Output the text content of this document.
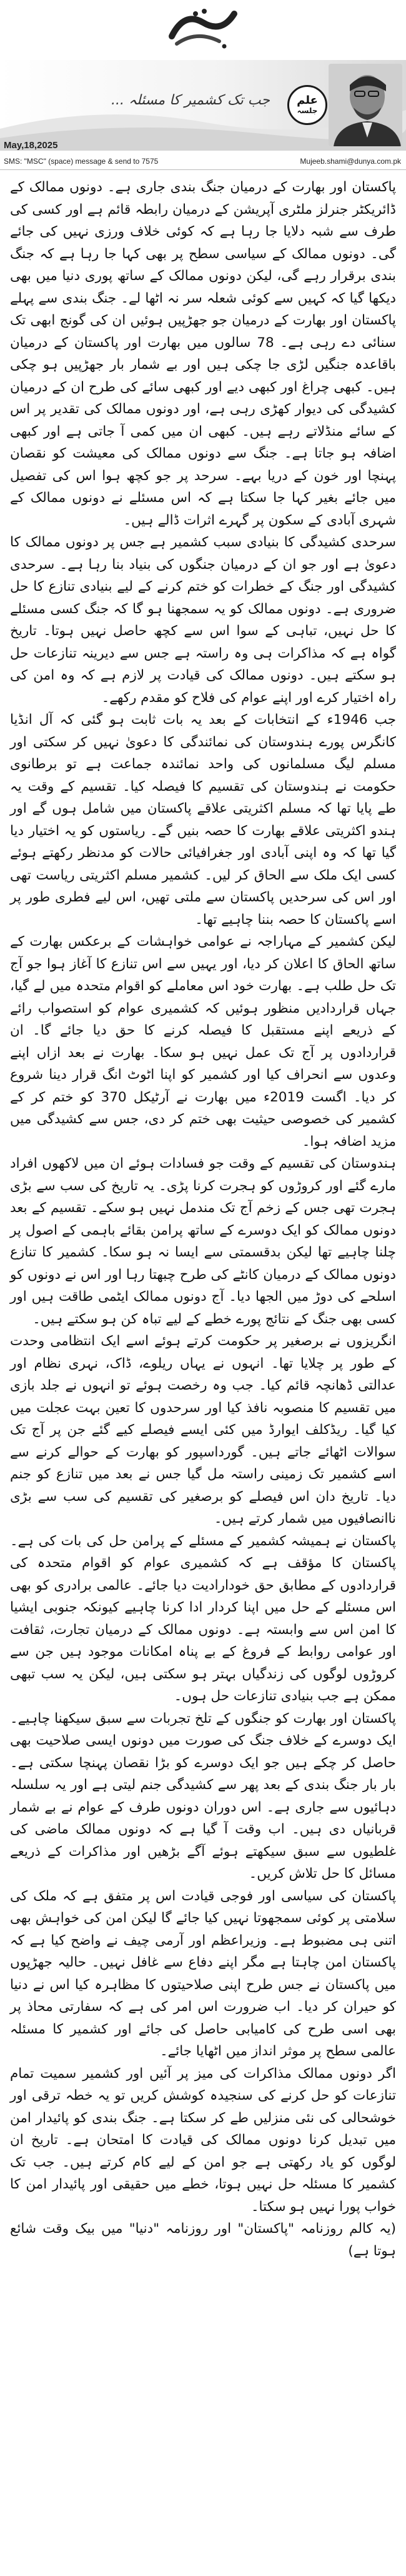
جب تک کشمیر کا مسئلہ ...	علم
جلسہ
May,18,2025
SMS: "MSC" (space) message & send to 7575	Mujeeb.shami@dunya.com.pk

پاکستان اور بھارت کے درمیان جنگ بندی جاری ہے۔ دونوں ممالک کے ڈائریکٹر جنرلز ملٹری آپریشن کے درمیان رابطہ قائم ہے اور کسی کی طرف سے شبہ دلایا جا رہا ہے کہ کوئی خلاف ورزی نہیں کی جائے گی۔ دونوں ممالک کے سیاسی سطح پر بھی کہا جا رہا ہے کہ جنگ بندی برقرار رہے گی، لیکن دونوں ممالک کے ساتھ پوری دنیا میں بھی دیکھا گیا کہ کہیں سے کوئی شعلہ سر نہ اٹھا لے۔ جنگ بندی سے پہلے پاکستان اور بھارت کے درمیان جو جھڑپیں ہوئیں ان کی گونج ابھی تک سنائی دے رہی ہے۔ 78 سالوں میں بھارت اور پاکستان کے درمیان باقاعدہ جنگیں لڑی جا چکی ہیں اور بے شمار بار جھڑپیں ہو چکی ہیں۔ کبھی چراغ اور کبھی دیے اور کبھی سائے کی طرح ان کے درمیان کشیدگی کی دیوار کھڑی رہی ہے، اور دونوں ممالک کی تقدیر پر اس کے سائے منڈلاتے رہے ہیں۔ کبھی ان میں کمی آ جاتی ہے اور کبھی اضافہ ہو جاتا ہے۔ جنگ سے دونوں ممالک کی معیشت کو نقصان پہنچا اور خون کے دریا بہے۔ سرحد پر جو کچھ ہوا اس کی تفصیل میں جائے بغیر کہا جا سکتا ہے کہ اس مسئلے نے دونوں ممالک کے شہری آبادی کے سکون پر گہرے اثرات ڈالے ہیں۔

سرحدی کشیدگی کا بنیادی سبب کشمیر ہے جس پر دونوں ممالک کا دعویٰ ہے اور جو ان کے درمیان جنگوں کی بنیاد بنا رہا ہے۔ سرحدی کشیدگی اور جنگ کے خطرات کو ختم کرنے کے لیے بنیادی تنازع کا حل ضروری ہے۔ دونوں ممالک کو یہ سمجھنا ہو گا کہ جنگ کسی مسئلے کا حل نہیں، تباہی کے سوا اس سے کچھ حاصل نہیں ہوتا۔ تاریخ گواہ ہے کہ مذاکرات ہی وہ راستہ ہے جس سے دیرینہ تنازعات حل ہو سکتے ہیں۔ دونوں ممالک کی قیادت پر لازم ہے کہ وہ امن کی راہ اختیار کرے اور اپنے عوام کی فلاح کو مقدم رکھے۔

جب 1946ء کے انتخابات کے بعد یہ بات ثابت ہو گئی کہ آل انڈیا کانگرس پورے ہندوستان کی نمائندگی کا دعویٰ نہیں کر سکتی اور مسلم لیگ مسلمانوں کی واحد نمائندہ جماعت ہے تو برطانوی حکومت نے ہندوستان کی تقسیم کا فیصلہ کیا۔ تقسیم کے وقت یہ طے پایا تھا کہ مسلم اکثریتی علاقے پاکستان میں شامل ہوں گے اور ہندو اکثریتی علاقے بھارت کا حصہ بنیں گے۔ ریاستوں کو یہ اختیار دیا گیا تھا کہ وہ اپنی آبادی اور جغرافیائی حالات کو مدنظر رکھتے ہوئے کسی ایک ملک سے الحاق کر لیں۔ کشمیر مسلم اکثریتی ریاست تھی اور اس کی سرحدیں پاکستان سے ملتی تھیں، اس لیے فطری طور پر اسے پاکستان کا حصہ بننا چاہیے تھا۔

لیکن کشمیر کے مہاراجہ نے عوامی خواہشات کے برعکس بھارت کے ساتھ الحاق کا اعلان کر دیا، اور یہیں سے اس تنازع کا آغاز ہوا جو آج تک حل طلب ہے۔ بھارت خود اس معاملے کو اقوام متحدہ میں لے گیا، جہاں قراردادیں منظور ہوئیں کہ کشمیری عوام کو استصواب رائے کے ذریعے اپنے مستقبل کا فیصلہ کرنے کا حق دیا جائے گا۔ ان قراردادوں پر آج تک عمل نہیں ہو سکا۔ بھارت نے بعد ازاں اپنے وعدوں سے انحراف کیا اور کشمیر کو اپنا اٹوٹ انگ قرار دینا شروع کر دیا۔ اگست 2019ء میں بھارت نے آرٹیکل 370 کو ختم کر کے کشمیر کی خصوصی حیثیت بھی ختم کر دی، جس سے کشیدگی میں مزید اضافہ ہوا۔

ہندوستان کی تقسیم کے وقت جو فسادات ہوئے ان میں لاکھوں افراد مارے گئے اور کروڑوں کو ہجرت کرنا پڑی۔ یہ تاریخ کی سب سے بڑی ہجرت تھی جس کے زخم آج تک مندمل نہیں ہو سکے۔ تقسیم کے بعد دونوں ممالک کو ایک دوسرے کے ساتھ پرامن بقائے باہمی کے اصول پر چلنا چاہیے تھا لیکن بدقسمتی سے ایسا نہ ہو سکا۔ کشمیر کا تنازع دونوں ممالک کے درمیان کانٹے کی طرح چبھتا رہا اور اس نے دونوں کو اسلحے کی دوڑ میں الجھا دیا۔ آج دونوں ممالک ایٹمی طاقت ہیں اور کسی بھی جنگ کے نتائج پورے خطے کے لیے تباہ کن ہو سکتے ہیں۔

انگریزوں نے برصغیر پر حکومت کرتے ہوئے اسے ایک انتظامی وحدت کے طور پر چلایا تھا۔ انہوں نے یہاں ریلوے، ڈاک، نہری نظام اور عدالتی ڈھانچہ قائم کیا۔ جب وہ رخصت ہوئے تو انہوں نے جلد بازی میں تقسیم کا منصوبہ نافذ کیا اور سرحدوں کا تعین بہت عجلت میں کیا گیا۔ ریڈکلف ایوارڈ میں کئی ایسے فیصلے کیے گئے جن پر آج تک سوالات اٹھائے جاتے ہیں۔ گورداسپور کو بھارت کے حوالے کرنے سے اسے کشمیر تک زمینی راستہ مل گیا جس نے بعد میں تنازع کو جنم دیا۔ تاریخ دان اس فیصلے کو برصغیر کی تقسیم کی سب سے بڑی ناانصافیوں میں شمار کرتے ہیں۔

پاکستان نے ہمیشہ کشمیر کے مسئلے کے پرامن حل کی بات کی ہے۔ پاکستان کا مؤقف ہے کہ کشمیری عوام کو اقوام متحدہ کی قراردادوں کے مطابق حق خودارادیت دیا جائے۔ عالمی برادری کو بھی اس مسئلے کے حل میں اپنا کردار ادا کرنا چاہیے کیونکہ جنوبی ایشیا کا امن اس سے وابستہ ہے۔ دونوں ممالک کے درمیان تجارت، ثقافت اور عوامی روابط کے فروغ کے بے پناہ امکانات موجود ہیں جن سے کروڑوں لوگوں کی زندگیاں بہتر ہو سکتی ہیں، لیکن یہ سب تبھی ممکن ہے جب بنیادی تنازعات حل ہوں۔

پاکستان اور بھارت کو جنگوں کے تلخ تجربات سے سبق سیکھنا چاہیے۔ ایک دوسرے کے خلاف جنگ کی صورت میں دونوں ایسی صلاحیت بھی حاصل کر چکے ہیں جو ایک دوسرے کو بڑا نقصان پہنچا سکتی ہے۔ بار بار جنگ بندی کے بعد پھر سے کشیدگی جنم لیتی ہے اور یہ سلسلہ دہائیوں سے جاری ہے۔ اس دوران دونوں طرف کے عوام نے بے شمار قربانیاں دی ہیں۔ اب وقت آ گیا ہے کہ دونوں ممالک ماضی کی غلطیوں سے سبق سیکھتے ہوئے آگے بڑھیں اور مذاکرات کے ذریعے مسائل کا حل تلاش کریں۔

پاکستان کی سیاسی اور فوجی قیادت اس پر متفق ہے کہ ملک کی سلامتی پر کوئی سمجھوتا نہیں کیا جائے گا لیکن امن کی خواہش بھی اتنی ہی مضبوط ہے۔ وزیراعظم اور آرمی چیف نے واضح کیا ہے کہ پاکستان امن چاہتا ہے مگر اپنے دفاع سے غافل نہیں۔ حالیہ جھڑپوں میں پاکستان نے جس طرح اپنی صلاحیتوں کا مظاہرہ کیا اس نے دنیا کو حیران کر دیا۔ اب ضرورت اس امر کی ہے کہ سفارتی محاذ پر بھی اسی طرح کی کامیابی حاصل کی جائے اور کشمیر کا مسئلہ عالمی سطح پر موثر انداز میں اٹھایا جائے۔

اگر دونوں ممالک مذاکرات کی میز پر آئیں اور کشمیر سمیت تمام تنازعات کو حل کرنے کی سنجیدہ کوشش کریں تو یہ خطہ ترقی اور خوشحالی کی نئی منزلیں طے کر سکتا ہے۔ جنگ بندی کو پائیدار امن میں تبدیل کرنا دونوں ممالک کی قیادت کا امتحان ہے۔ تاریخ ان لوگوں کو یاد رکھتی ہے جو امن کے لیے کام کرتے ہیں۔ جب تک کشمیر کا مسئلہ حل نہیں ہوتا، خطے میں حقیقی اور پائیدار امن کا خواب پورا نہیں ہو سکتا۔

(یہ کالم روزنامہ "پاکستان" اور روزنامہ "دنیا" میں بیک وقت شائع ہوتا ہے)
